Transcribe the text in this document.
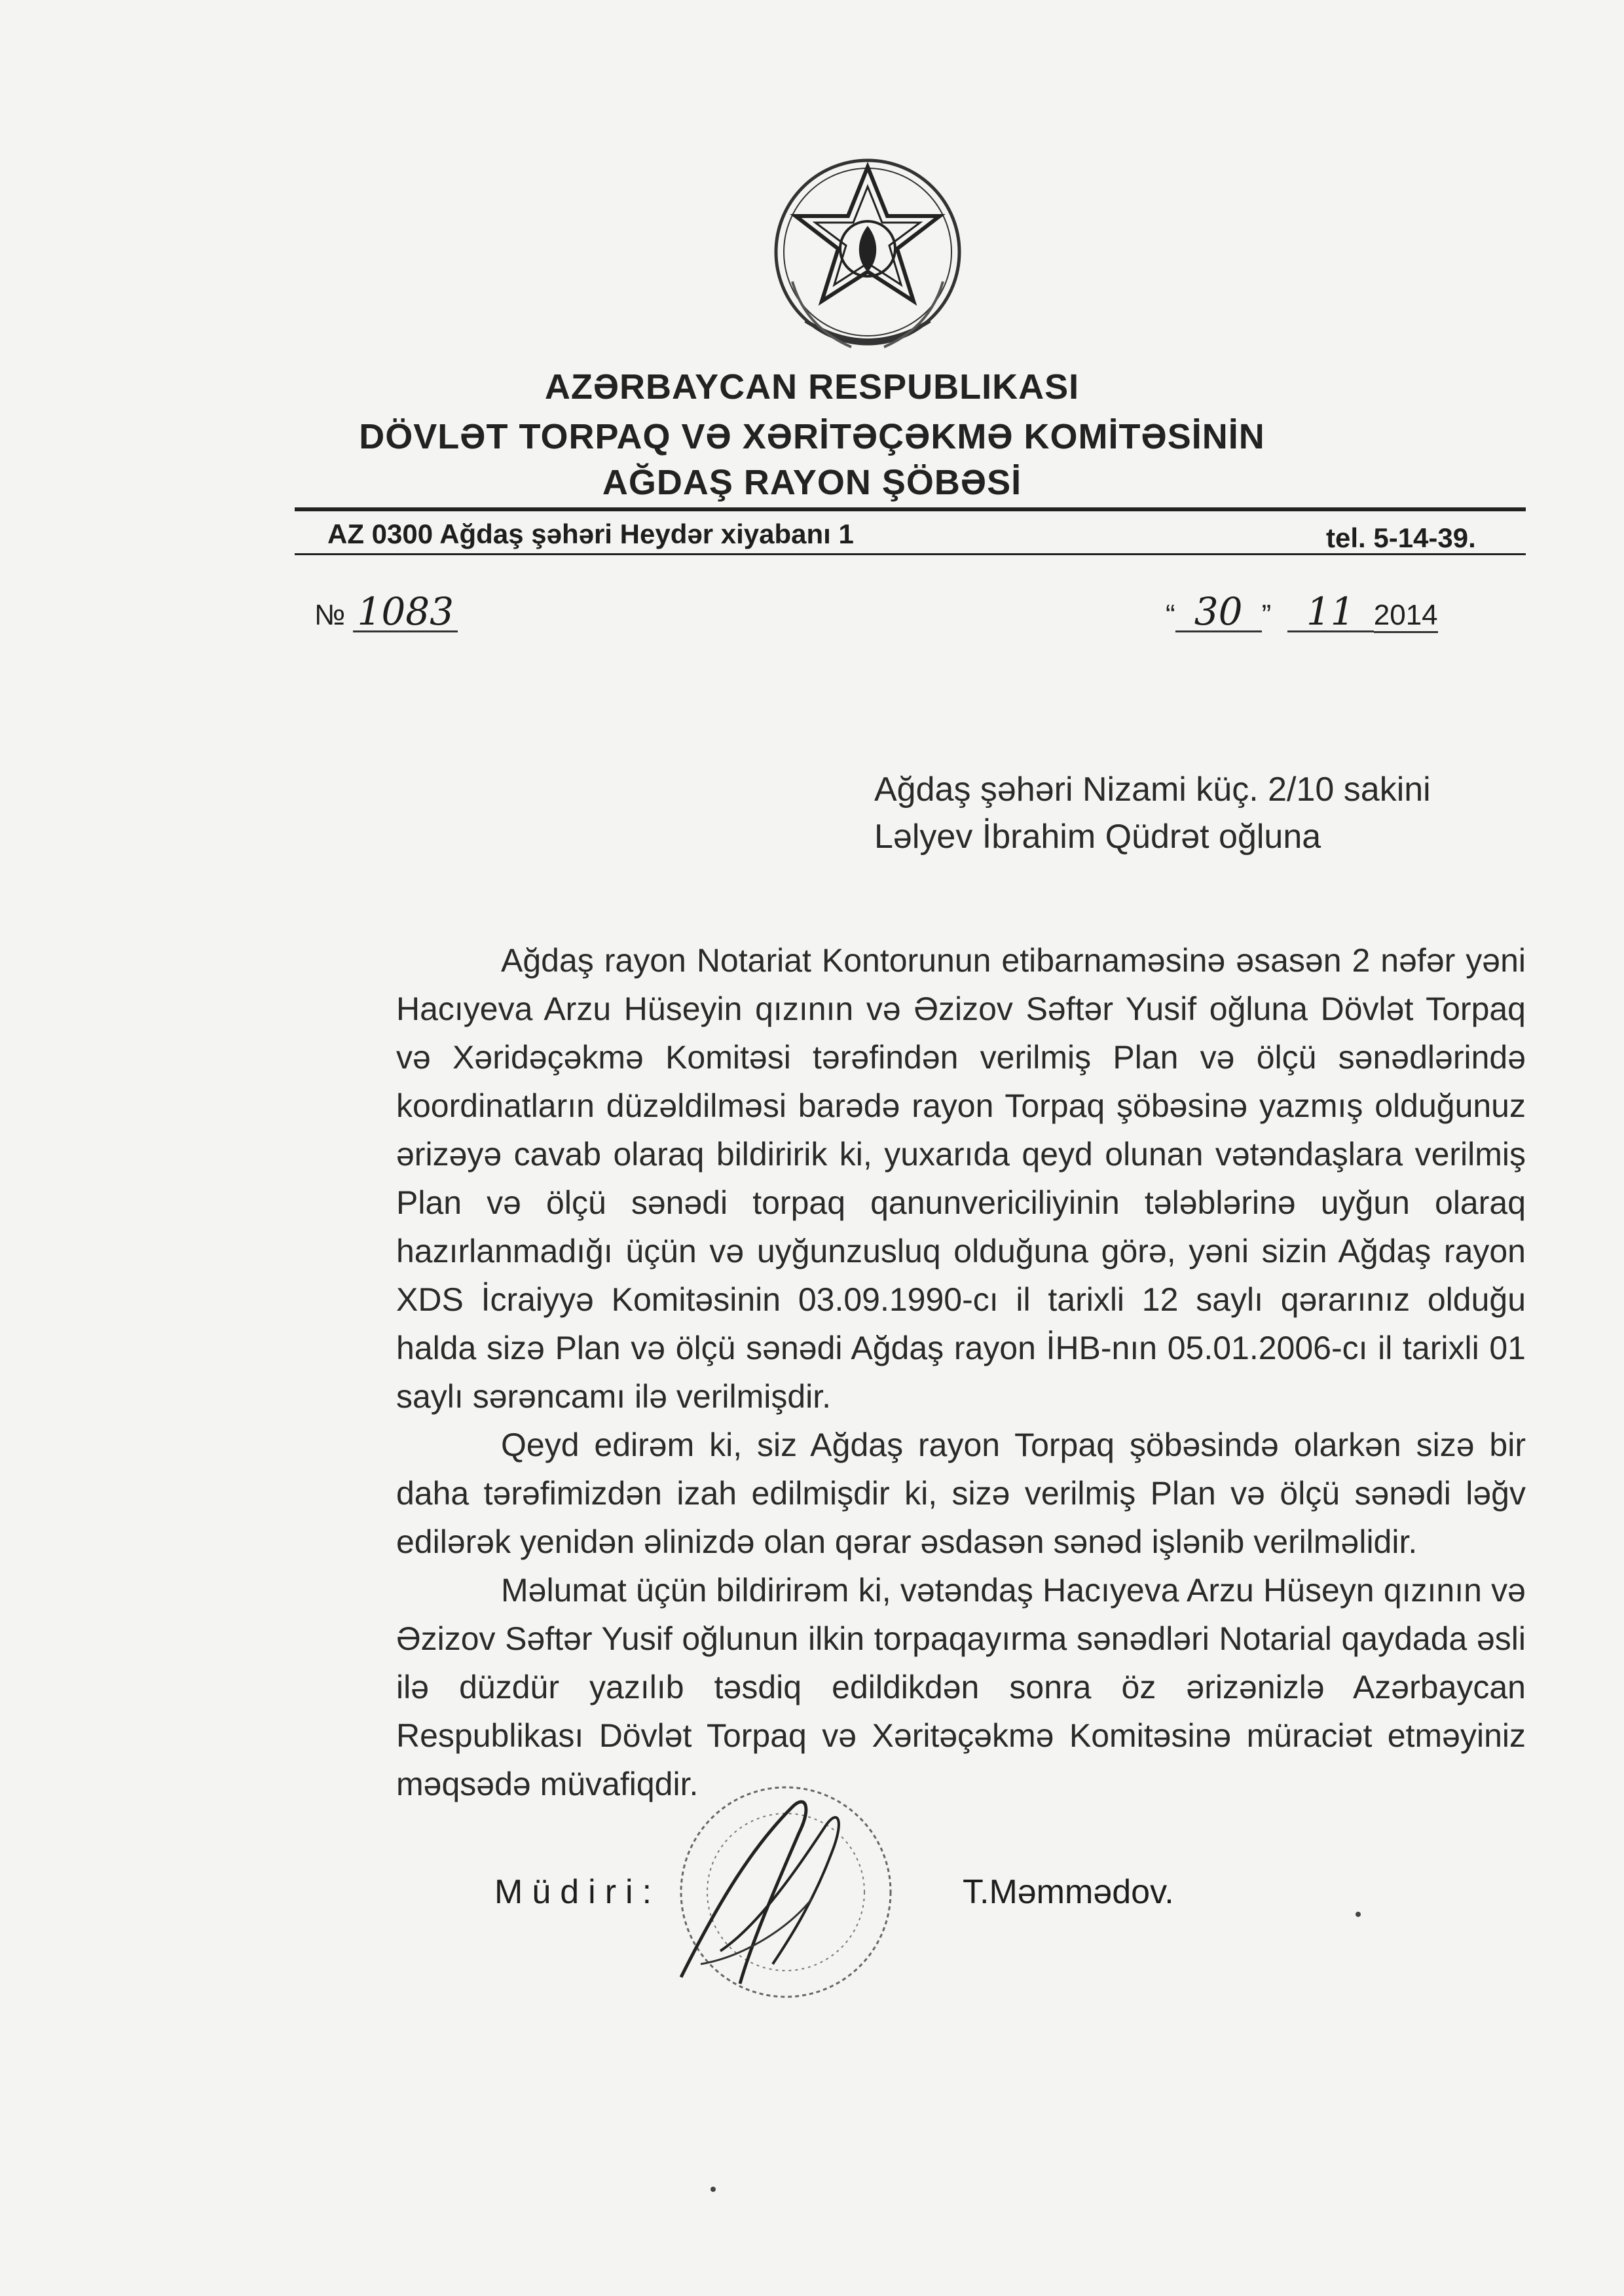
AZƏRBAYCAN RESPUBLIKASI
DÖVLƏT TORPAQ VƏ XƏRİTƏÇƏKMƏ KOMİTƏSİNİN
AĞDAŞ RAYON ŞÖBƏSİ
AZ 0300 Ağdaş şəhəri Heydər xiyabanı 1	tel. 5-14-39.
№ 1083	“ 30 ” 11 2014
Ağdaş şəhəri Nizami küç. 2/10 sakini
Ləlyev İbrahim Qüdrət oğluna

Ağdaş rayon Notariat Kontorunun etibarnaməsinə əsasən 2 nəfər yəni Hacıyeva Arzu Hüseyin qızının və Əzizov Səftər Yusif oğluna Dövlət Torpaq və Xəridəçəkmə Komitəsi tərəfindən verilmiş Plan və ölçü sənədlərində koordinatların düzəldilməsi barədə rayon Torpaq şöbəsinə yazmış olduğunuz ərizəyə cavab olaraq bildiririk ki, yuxarıda qeyd olunan vətəndaşlara verilmiş Plan və ölçü sənədi torpaq qanunvericiliyinin tələblərinə uyğun olaraq hazırlanmadığı üçün və uyğunzusluq olduğuna görə, yəni sizin Ağdaş rayon XDS İcraiyyə Komitəsinin 03.09.1990-cı il tarixli 12 saylı qərarınız olduğu halda sizə Plan və ölçü sənədi Ağdaş rayon İHB-nın 05.01.2006-cı il tarixli 01 saylı sərəncamı ilə verilmişdir.

Qeyd edirəm ki, siz Ağdaş rayon Torpaq şöbəsində olarkən sizə bir daha tərəfimizdən izah edilmişdir ki, sizə verilmiş Plan və ölçü sənədi ləğv edilərək yenidən əlinizdə olan qərar əsdasən sənəd işlənib verilməlidir.

Məlumat üçün bildirirəm ki, vətəndaş Hacıyeva Arzu Hüseyn qızının və Əzizov Səftər Yusif oğlunun ilkin torpaqayırma sənədləri Notarial qaydada əsli ilə düzdür yazılıb təsdiq edildikdən sonra öz ərizənizlə Azərbaycan Respublikası Dövlət Torpaq və Xəritəçəkmə Komitəsinə müraciət etməyiniz məqsədə müvafiqdir.

Müdiri:	T.Məmmədov.
